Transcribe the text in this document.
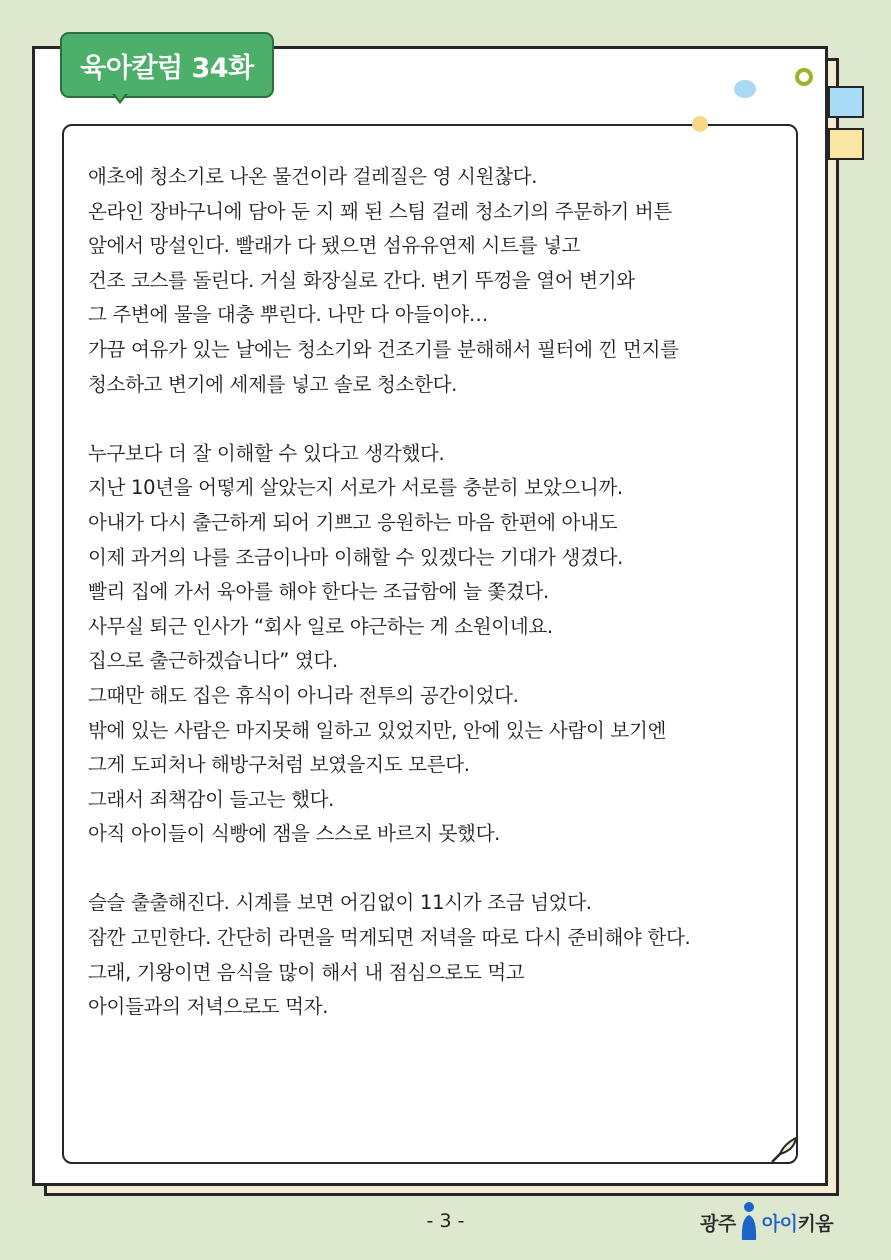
육아칼럼 34화
애초에 청소기로 나온 물건이라 걸레질은 영 시원찮다.
온라인 장바구니에 담아 둔 지 꽤 된 스팀 걸레 청소기의 주문하기 버튼
앞에서 망설인다. 빨래가 다 됐으면 섬유유연제 시트를 넣고
건조 코스를 돌린다. 거실 화장실로 간다. 변기 뚜껑을 열어 변기와
그 주변에 물을 대충 뿌린다. 나만 다 아들이야…
가끔 여유가 있는 날에는 청소기와 건조기를 분해해서 필터에 낀 먼지를
청소하고 변기에 세제를 넣고 솔로 청소한다.
누구보다 더 잘 이해할 수 있다고 생각했다.
지난 10년을 어떻게 살았는지 서로가 서로를 충분히 보았으니까.
아내가 다시 출근하게 되어 기쁘고 응원하는 마음 한편에 아내도
이제 과거의 나를 조금이나마 이해할 수 있겠다는 기대가 생겼다.
빨리 집에 가서 육아를 해야 한다는 조급함에 늘 쫓겼다.
사무실 퇴근 인사가 “회사 일로 야근하는 게 소원이네요.
집으로 출근하겠습니다” 였다.
그때만 해도 집은 휴식이 아니라 전투의 공간이었다.
밖에 있는 사람은 마지못해 일하고 있었지만, 안에 있는 사람이 보기엔
그게 도피처나 해방구처럼 보였을지도 모른다.
그래서 죄책감이 들고는 했다.
아직 아이들이 식빵에 잼을 스스로 바르지 못했다.
슬슬 출출해진다. 시계를 보면 어김없이 11시가 조금 넘었다.
잠깐 고민한다. 간단히 라면을 먹게되면 저녁을 따로 다시 준비해야 한다.
그래, 기왕이면 음식을 많이 해서 내 점심으로도 먹고
아이들과의 저녁으로도 먹자.
- 3 -	광주 아이 키움
